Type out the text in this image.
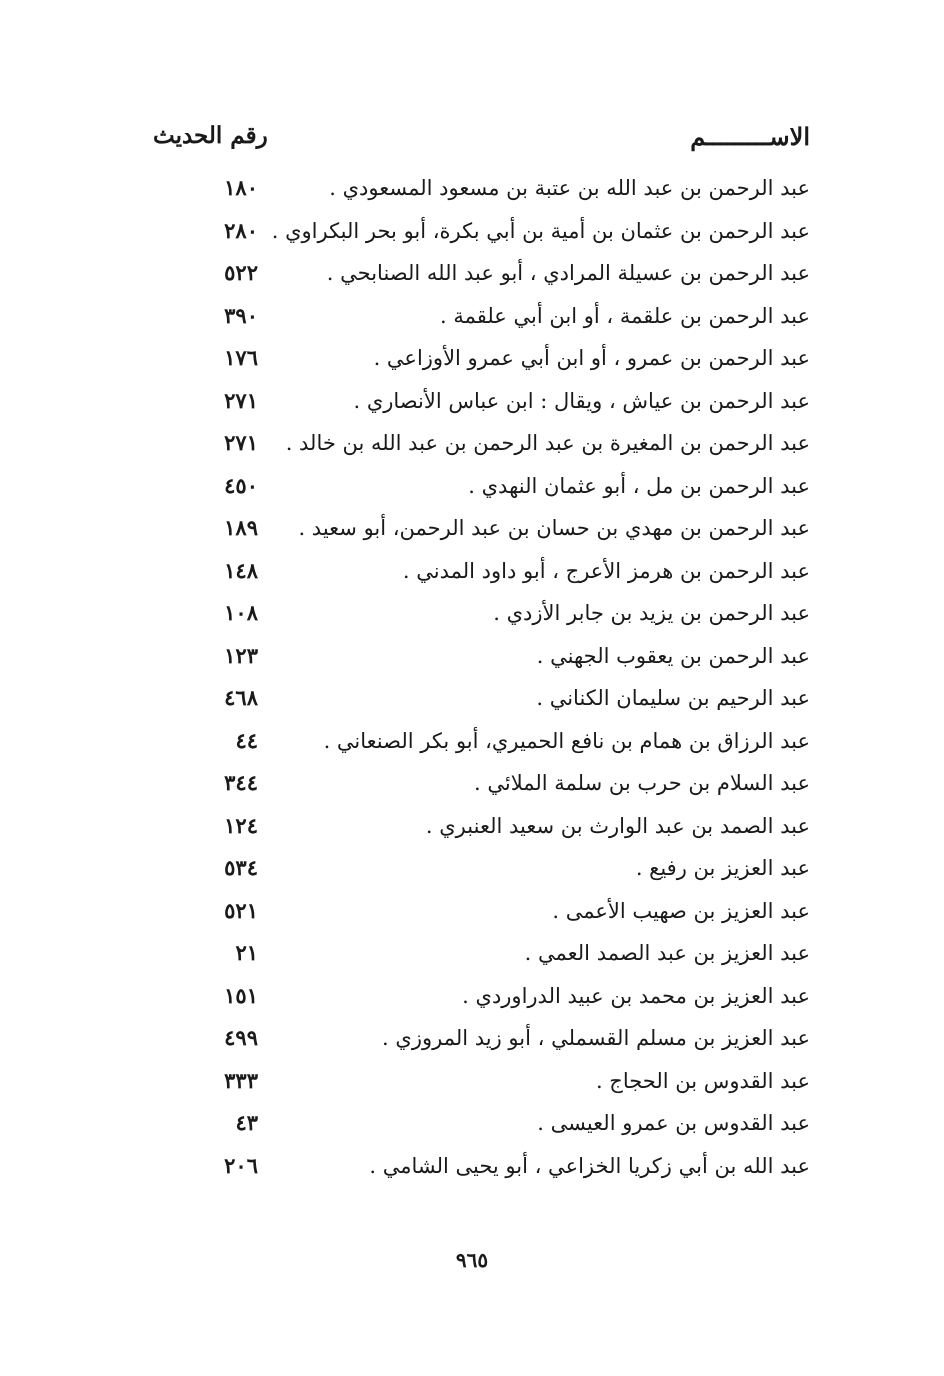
الاســـــــــم
رقم الحديث
عبد الرحمن بن عبد الله بن عتبة بن مسعود المسعودي .
١٨٠
عبد الرحمن بن عثمان بن أمية بن أبي بكرة، أبو بحر البكراوي .
٢٨٠
عبد الرحمن بن عسيلة المرادي ، أبو عبد الله الصنابحي .
٥٢٢
عبد الرحمن بن علقمة ، أو ابن أبي علقمة .
٣٩٠
عبد الرحمن بن عمرو ، أو ابن أبي عمرو الأوزاعي .
١٧٦
عبد الرحمن بن عياش ، ويقال : ابن عباس الأنصاري .
٢٧١
عبد الرحمن بن المغيرة بن عبد الرحمن بن عبد الله بن خالد .
٢٧١
عبد الرحمن بن مل ، أبو عثمان النهدي .
٤٥٠
عبد الرحمن بن مهدي بن حسان بن عبد الرحمن، أبو سعيد .
١٨٩
عبد الرحمن بن هرمز الأعرج ، أبو داود المدني .
١٤٨
عبد الرحمن بن يزيد بن جابر الأزدي .
١٠٨
عبد الرحمن بن يعقوب الجهني .
١٢٣
عبد الرحيم بن سليمان الكناني .
٤٦٨
عبد الرزاق بن همام بن نافع الحميري، أبو بكر الصنعاني .
٤٤
عبد السلام بن حرب بن سلمة الملائي .
٣٤٤
عبد الصمد بن عبد الوارث بن سعيد العنبري .
١٢٤
عبد العزيز بن رفيع .
٥٣٤
عبد العزيز بن صهيب الأعمى .
٥٢١
عبد العزيز بن عبد الصمد العمي .
٢١
عبد العزيز بن محمد بن عبيد الدراوردي .
١٥١
عبد العزيز بن مسلم القسملي ، أبو زيد المروزي .
٤٩٩
عبد القدوس بن الحجاج .
٣٣٣
عبد القدوس بن عمرو العيسى .
٤٣
عبد الله بن أبي زكريا الخزاعي ، أبو يحيى الشامي .
٢٠٦
٩٦٥
